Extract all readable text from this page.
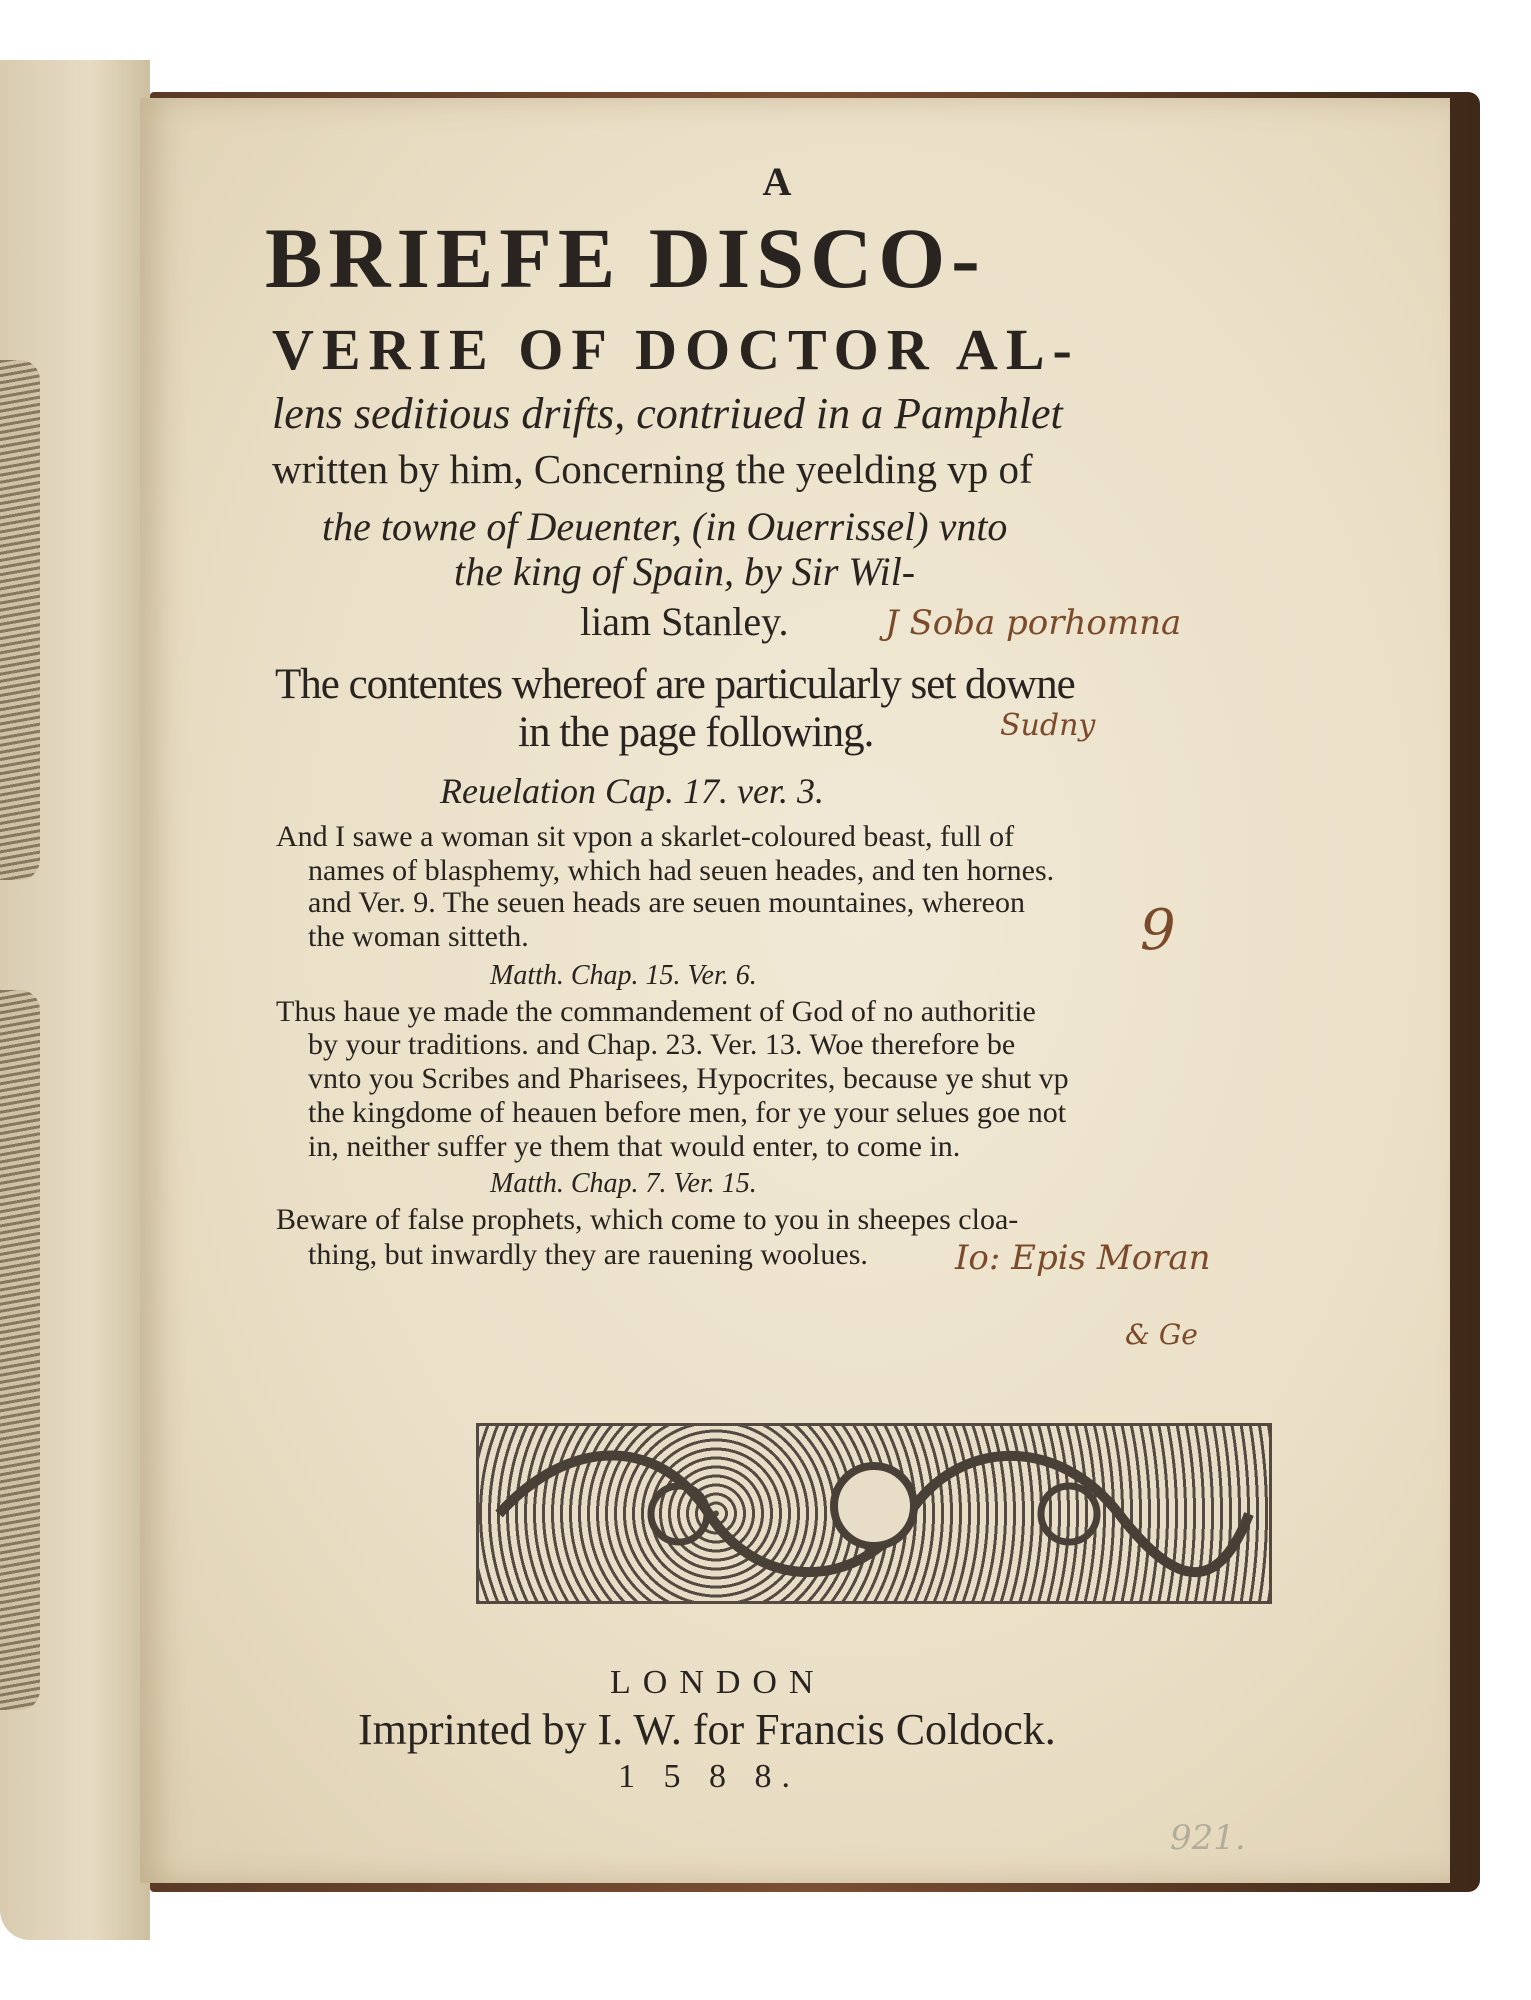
A
BRIEFE DISCO-
VERIE OF DOCTOR AL-
lens seditious drifts, contriued in a Pamphlet
written by him, Concerning the yeelding vp of
the towne of Deuenter, (in Ouerrissel) vnto
the king of Spain, by Sir Wil-
liam Stanley.
The contentes whereof are particularly set downe
in the page following.
Reuelation Cap. 17. ver. 3.
And I sawe a woman sit vpon a skarlet-coloured beast, full of
names of blasphemy, which had seuen heades, and ten hornes.
and Ver. 9. The seuen heads are seuen mountaines, whereon
the woman sitteth.
Matth. Chap. 15. Ver. 6.
Thus haue ye made the commandement of God of no authoritie
by your traditions. and Chap. 23. Ver. 13. Woe therefore be
vnto you Scribes and Pharisees, Hypocrites, because ye shut vp
the kingdome of heauen before men, for ye your selues goe not
in, neither suffer ye them that would enter, to come in.
Matth. Chap. 7. Ver. 15.
Beware of false prophets, which come to you in sheepes cloa-
thing, but inwardly they are rauening woolues.
LONDON
Imprinted by I. W. for Francis Coldock.
1 5 8 8.
J Soba porhomna
Sudny
9
Io: Epis Moran
& Ge
921.
